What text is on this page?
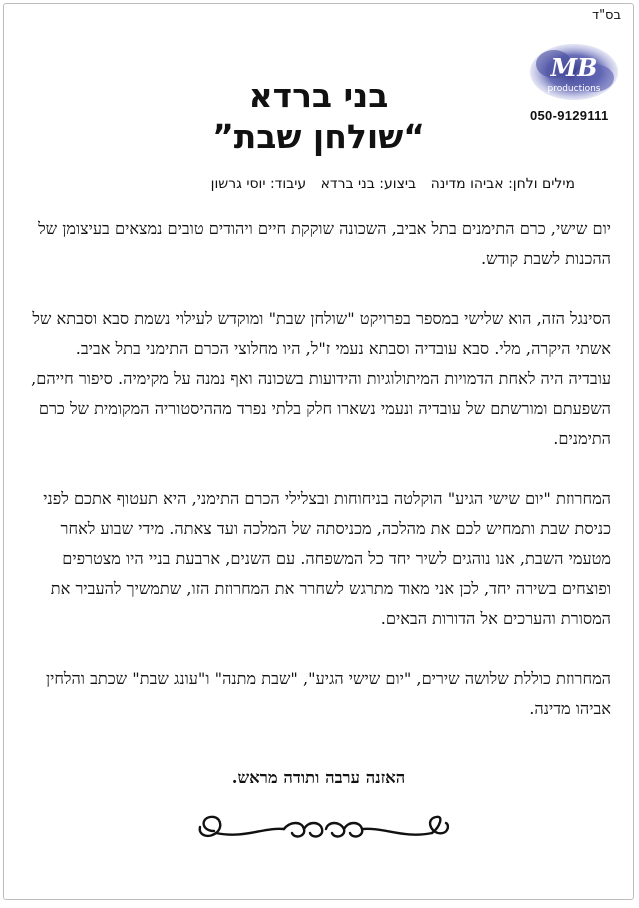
בס"ד
MB
productions
050-9129111
בני ברדא
“שולחן שבת”
מילים ולחן: אביהו מדינה ביצוע: בני ברדא עיבוד: יוסי גרשון

יום שישי, כרם התימנים בתל אביב, השכונה שוקקת חיים ויהודים טובים נמצאים בעיצומן של ההכנות לשבת קודש.

הסינגל הזה, הוא שלישי במספר בפרויקט "שולחן שבת" ומוקדש לעילוי נשמת סבא וסבתא של אשתי היקרה, מלי. סבא עובדיה וסבתא נעמי ז"ל, היו מחלוצי הכרם התימני בתל אביב. עובדיה היה לאחת הדמויות המיתולוגיות והידועות בשכונה ואף נמנה על מקימיה. סיפור חייהם, השפעתם ומורשתם של עובדיה ונעמי נשארו חלק בלתי נפרד מההיסטוריה המקומית של כרם התימנים.

המחרוזת "יום שישי הגיע" הוקלטה בניחוחות ובצלילי הכרם התימני, היא תעטוף אתכם לפני כניסת שבת ותמחיש לכם את מהלכה, מכניסתה של המלכה ועד צאתה. מידי שבוע לאחר מטעמי השבת, אנו נוהגים לשיר יחד כל המשפחה. עם השנים, ארבעת בניי היו מצטרפים ופוצחים בשירה יחד, לכן אני מאוד מתרגש לשחרר את המחרוזת הזו, שתמשיך להעביר את המסורת והערכים אל הדורות הבאים.

המחרוזת כוללת שלושה שירים, "יום שישי הגיע", "שבת מתנה" ו"עונג שבת" שכתב והלחין אביהו מדינה.

האזנה ערבה ותודה מראש.
